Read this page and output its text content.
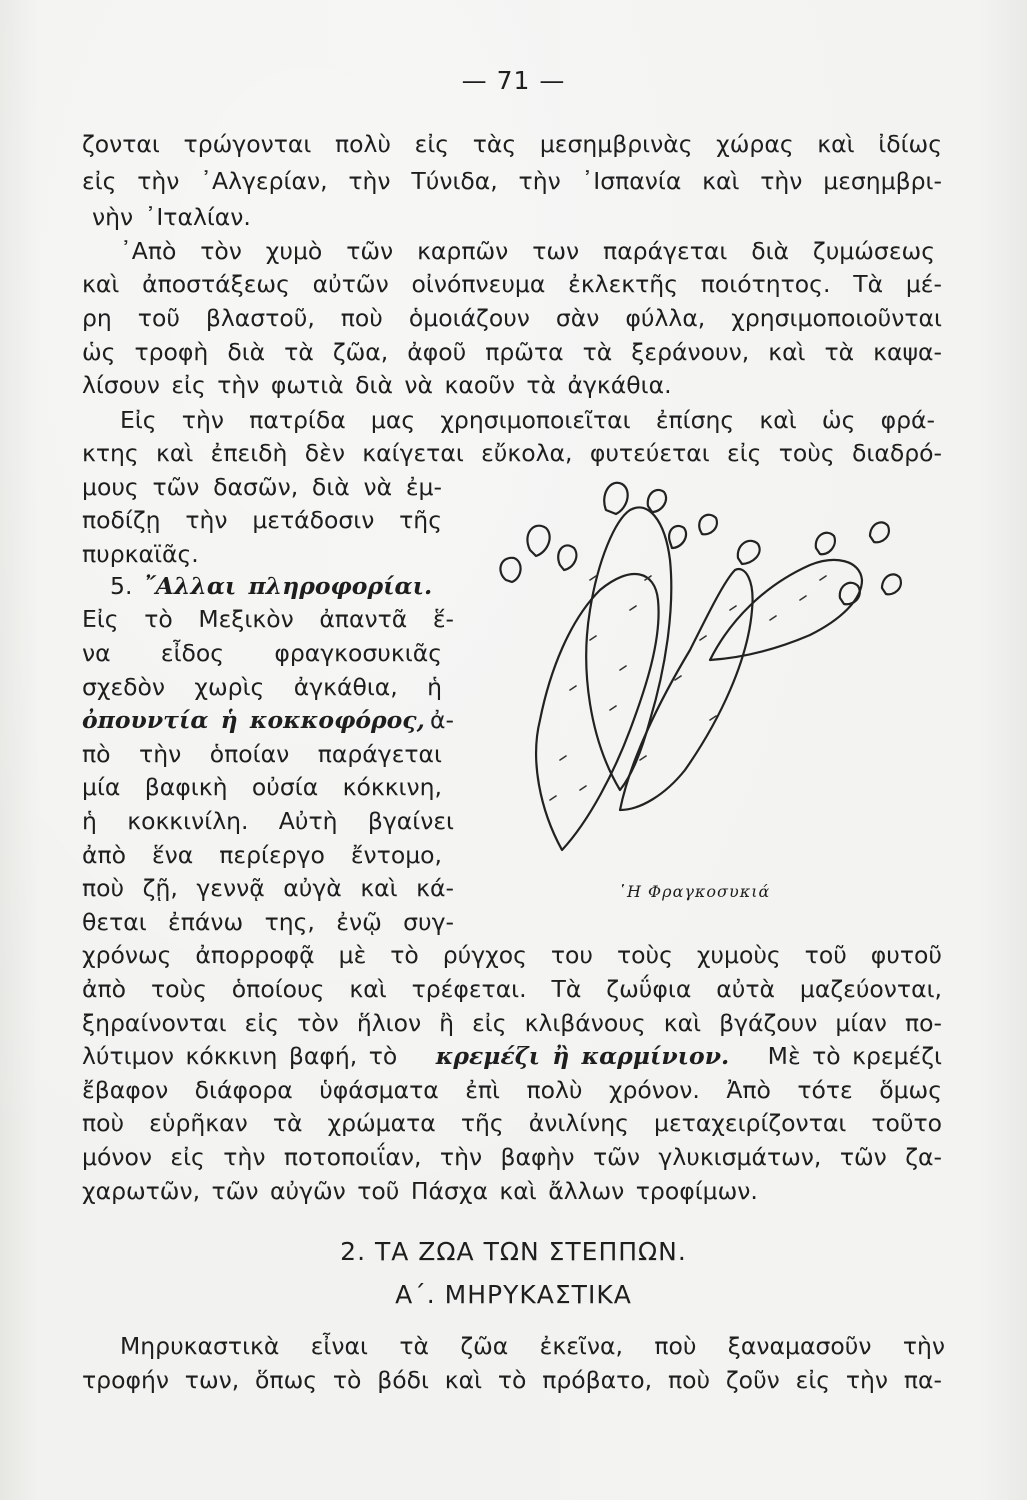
— 71 —
ζονται τρώγονται πολὺ εἰς τὰς μεσημβρινὰς χώρας καὶ ἰδίως
εἰς τὴν ᾿Αλγερίαν, τὴν Τύνιδα, τὴν ᾿Ισπανία καὶ τὴν μεσημβρι-
νὴν ᾿Ιταλίαν.
᾿Απὸ τὸν χυμὸ τῶν καρπῶν των παράγεται διὰ ζυμώσεως
καὶ ἀποστάξεως αὐτῶν οἰνόπνευμα ἐκλεκτῆς ποιότητος. Τὰ μέ-
ρη τοῦ βλαστοῦ, ποὺ ὁμοιάζουν σὰν φύλλα, χρησιμοποιοῦνται
ὡς τροφὴ διὰ τὰ ζῶα, ἀφοῦ πρῶτα τὰ ξεράνουν, καὶ τὰ καψα-
λίσουν εἰς τὴν φωτιὰ διὰ νὰ καοῦν τὰ ἀγκάθια.
Εἰς τὴν πατρίδα μας χρησιμοποιεῖται ἐπίσης καὶ ὡς φρά-
κτης καὶ ἐπειδὴ δὲν καίγεται εὔκολα, φυτεύεται εἰς τοὺς διαδρό-
μους τῶν δασῶν, διὰ νὰ ἐμ-
ποδίζῃ τὴν μετάδοσιν τῆς
πυρκαϊᾶς.
5. ῎Αλλαι πληροφορίαι.
Εἰς τὸ Μεξικὸν ἀπαντᾶ ἕ-
να εἶδος φραγκοσυκιᾶς
σχεδὸν χωρὶς ἀγκάθια, ἡ
ὀπουντία ἡ κοκκοφόρος, ἀ-
πὸ τὴν ὁποίαν παράγεται
μία βαφικὴ οὐσία κόκκινη,
ἡ κοκκινίλη. Αὐτὴ βγαίνει
ἀπὸ ἕνα περίεργο ἔντομο,
ποὺ ζῇ, γεννᾷ αὐγὰ καὶ κά-
θεται ἐπάνω της, ἐνῷ συγ-
῾Η Φραγκοσυκιά
χρόνως ἀπορροφᾷ μὲ τὸ ρύγχος του τοὺς χυμοὺς τοῦ φυτοῦ
ἀπὸ τοὺς ὁποίους καὶ τρέφεται. Τὰ ζωΰφια αὐτὰ μαζεύονται,
ξηραίνονται εἰς τὸν ἥλιον ἢ εἰς κλιβάνους καὶ βγάζουν μίαν πο-
λύτιμον κόκκινη βαφή, τὸ κρεμέζι ἢ καρμίνιον. Μὲ τὸ κρεμέζι
ἔβαφον διάφορα ὑφάσματα ἐπὶ πολὺ χρόνον. Ἀπὸ τότε ὅμως
ποὺ εὑρῆκαν τὰ χρώματα τῆς ἀνιλίνης μεταχειρίζονται τοῦτο
μόνον εἰς τὴν ποτοποιΐαν, τὴν βαφὴν τῶν γλυκισμάτων, τῶν ζα-
χαρωτῶν, τῶν αὐγῶν τοῦ Πάσχα καὶ ἄλλων τροφίμων.
2. ΤΑ ΖΩΑ ΤΩΝ ΣΤΕΠΠΩΝ.
Α΄. ΜΗΡΥΚΑΣΤΙΚΑ
Μηρυκαστικὰ εἶναι τὰ ζῶα ἐκεῖνα, ποὺ ξαναμασοῦν τὴν
τροφήν των, ὅπως τὸ βόδι καὶ τὸ πρόβατο, ποὺ ζοῦν εἰς τὴν πα-
